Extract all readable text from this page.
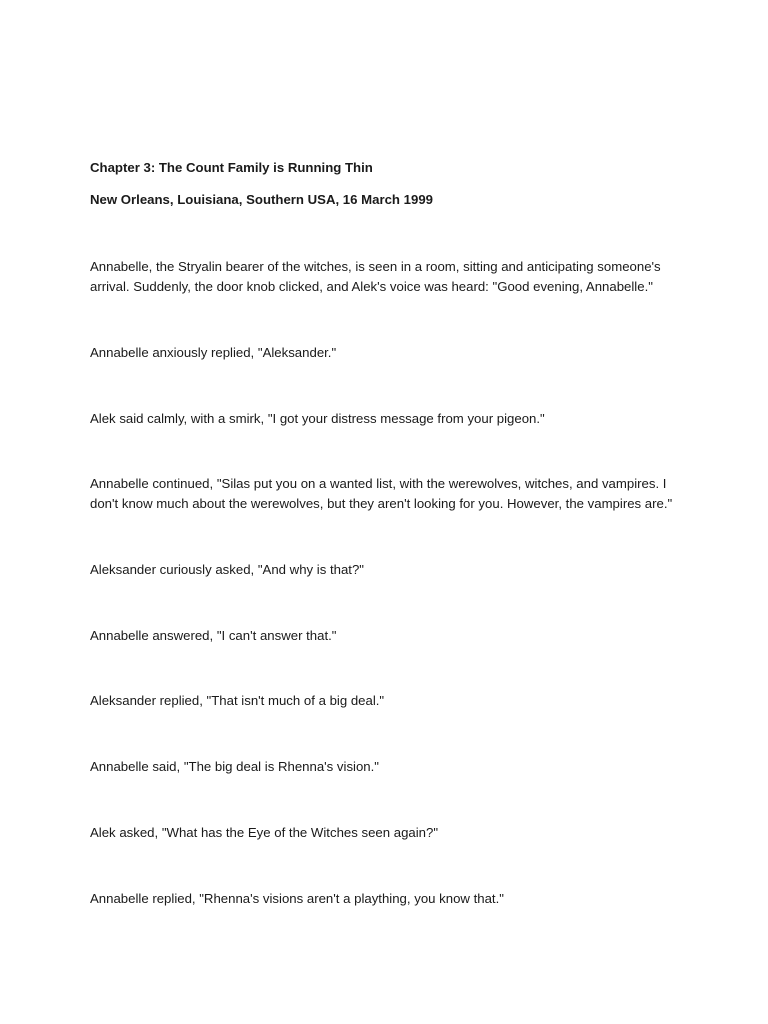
Chapter 3: The Count Family is Running Thin
New Orleans, Louisiana, Southern USA, 16 March 1999
Annabelle, the Stryalin bearer of the witches, is seen in a room, sitting and anticipating someone's arrival. Suddenly, the door knob clicked, and Alek's voice was heard: "Good evening, Annabelle."
Annabelle anxiously replied, "Aleksander."
Alek said calmly, with a smirk, "I got your distress message from your pigeon."
Annabelle continued, "Silas put you on a wanted list, with the werewolves, witches, and vampires. I don't know much about the werewolves, but they aren't looking for you. However, the vampires are."
Aleksander curiously asked, "And why is that?"
Annabelle answered, "I can't answer that."
Aleksander replied, "That isn't much of a big deal."
Annabelle said, "The big deal is Rhenna's vision."
Alek asked, "What has the Eye of the Witches seen again?"
Annabelle replied, "Rhenna's visions aren't a plaything, you know that."
